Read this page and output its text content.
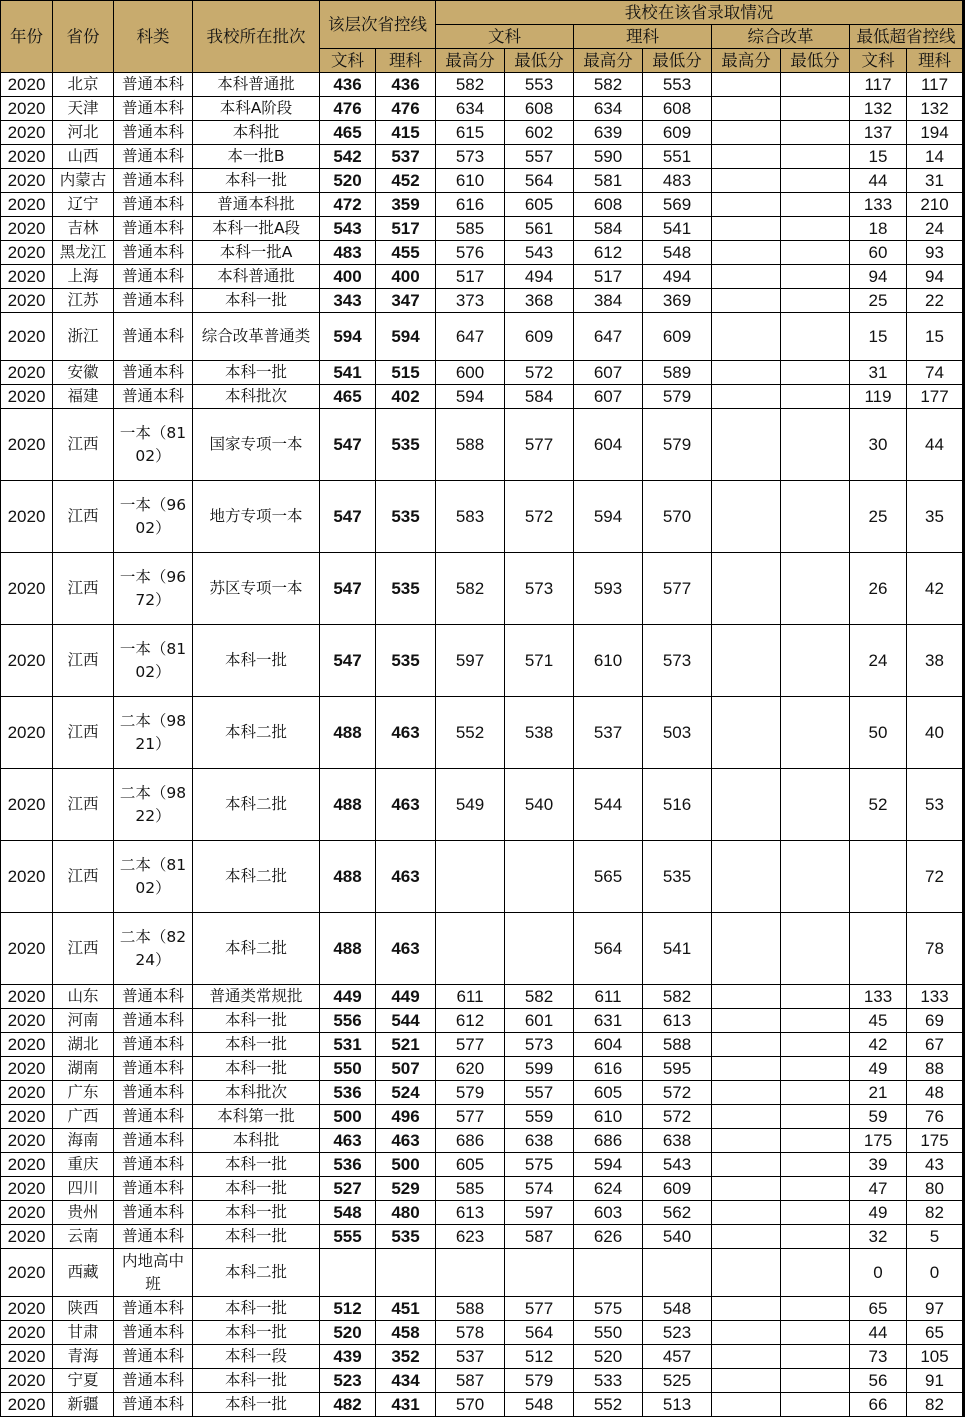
年份	省份	科类	我校所在批次	该层次省控线		我校在该省录取情况							
						文科		理科		综合改革		最低超省控线	
				文科	理科	最高分	最低分	最高分	最低分	最高分	最低分	文科	理科
2020	北京	普通本科	本科普通批	436	436	582	553	582	553			117	117
2020	天津	普通本科	本科A阶段	476	476	634	608	634	608			132	132
2020	河北	普通本科	本科批	465	415	615	602	639	609			137	194
2020	山西	普通本科	本一批B	542	537	573	557	590	551			15	14
2020	内蒙古	普通本科	本科一批	520	452	610	564	581	483			44	31
2020	辽宁	普通本科	普通本科批	472	359	616	605	608	569			133	210
2020	吉林	普通本科	本科一批A段	543	517	585	561	584	541			18	24
2020	黑龙江	普通本科	本科一批A	483	455	576	543	612	548			60	93
2020	上海	普通本科	本科普通批	400	400	517	494	517	494			94	94
2020	江苏	普通本科	本科一批	343	347	373	368	384	369			25	22
2020	浙江	普通本科	综合改革普通类	594	594	647	609	647	609			15	15
2020	安徽	普通本科	本科一批	541	515	600	572	607	589			31	74
2020	福建	普通本科	本科批次	465	402	594	584	607	579			119	177
2020	江西	一本（8102）	国家专项一本	547	535	588	577	604	579			30	44
2020	江西	一本（9602）	地方专项一本	547	535	583	572	594	570			25	35
2020	江西	一本（9672）	苏区专项一本	547	535	582	573	593	577			26	42
2020	江西	一本（8102）	本科一批	547	535	597	571	610	573			24	38
2020	江西	二本（9821）	本科二批	488	463	552	538	537	503			50	40
2020	江西	二本（9822）	本科二批	488	463	549	540	544	516			52	53
2020	江西	二本（8102）	本科二批	488	463			565	535				72
2020	江西	二本（8224）	本科二批	488	463			564	541				78
2020	山东	普通本科	普通类常规批	449	449	611	582	611	582			133	133
2020	河南	普通本科	本科一批	556	544	612	601	631	613			45	69
2020	湖北	普通本科	本科一批	531	521	577	573	604	588			42	67
2020	湖南	普通本科	本科一批	550	507	620	599	616	595			49	88
2020	广东	普通本科	本科批次	536	524	579	557	605	572			21	48
2020	广西	普通本科	本科第一批	500	496	577	559	610	572			59	76
2020	海南	普通本科	本科批	463	463	686	638	686	638			175	175
2020	重庆	普通本科	本科一批	536	500	605	575	594	543			39	43
2020	四川	普通本科	本科一批	527	529	585	574	624	609			47	80
2020	贵州	普通本科	本科一批	548	480	613	597	603	562			49	82
2020	云南	普通本科	本科一批	555	535	623	587	626	540			32	5
2020	西藏	内地高中班	本科二批									0	0
2020	陕西	普通本科	本科一批	512	451	588	577	575	548			65	97
2020	甘肃	普通本科	本科一批	520	458	578	564	550	523			44	65
2020	青海	普通本科	本科一段	439	352	537	512	520	457			73	105
2020	宁夏	普通本科	本科一批	523	434	587	579	533	525			56	91
2020	新疆	普通本科	本科一批	482	431	570	548	552	513			66	82
